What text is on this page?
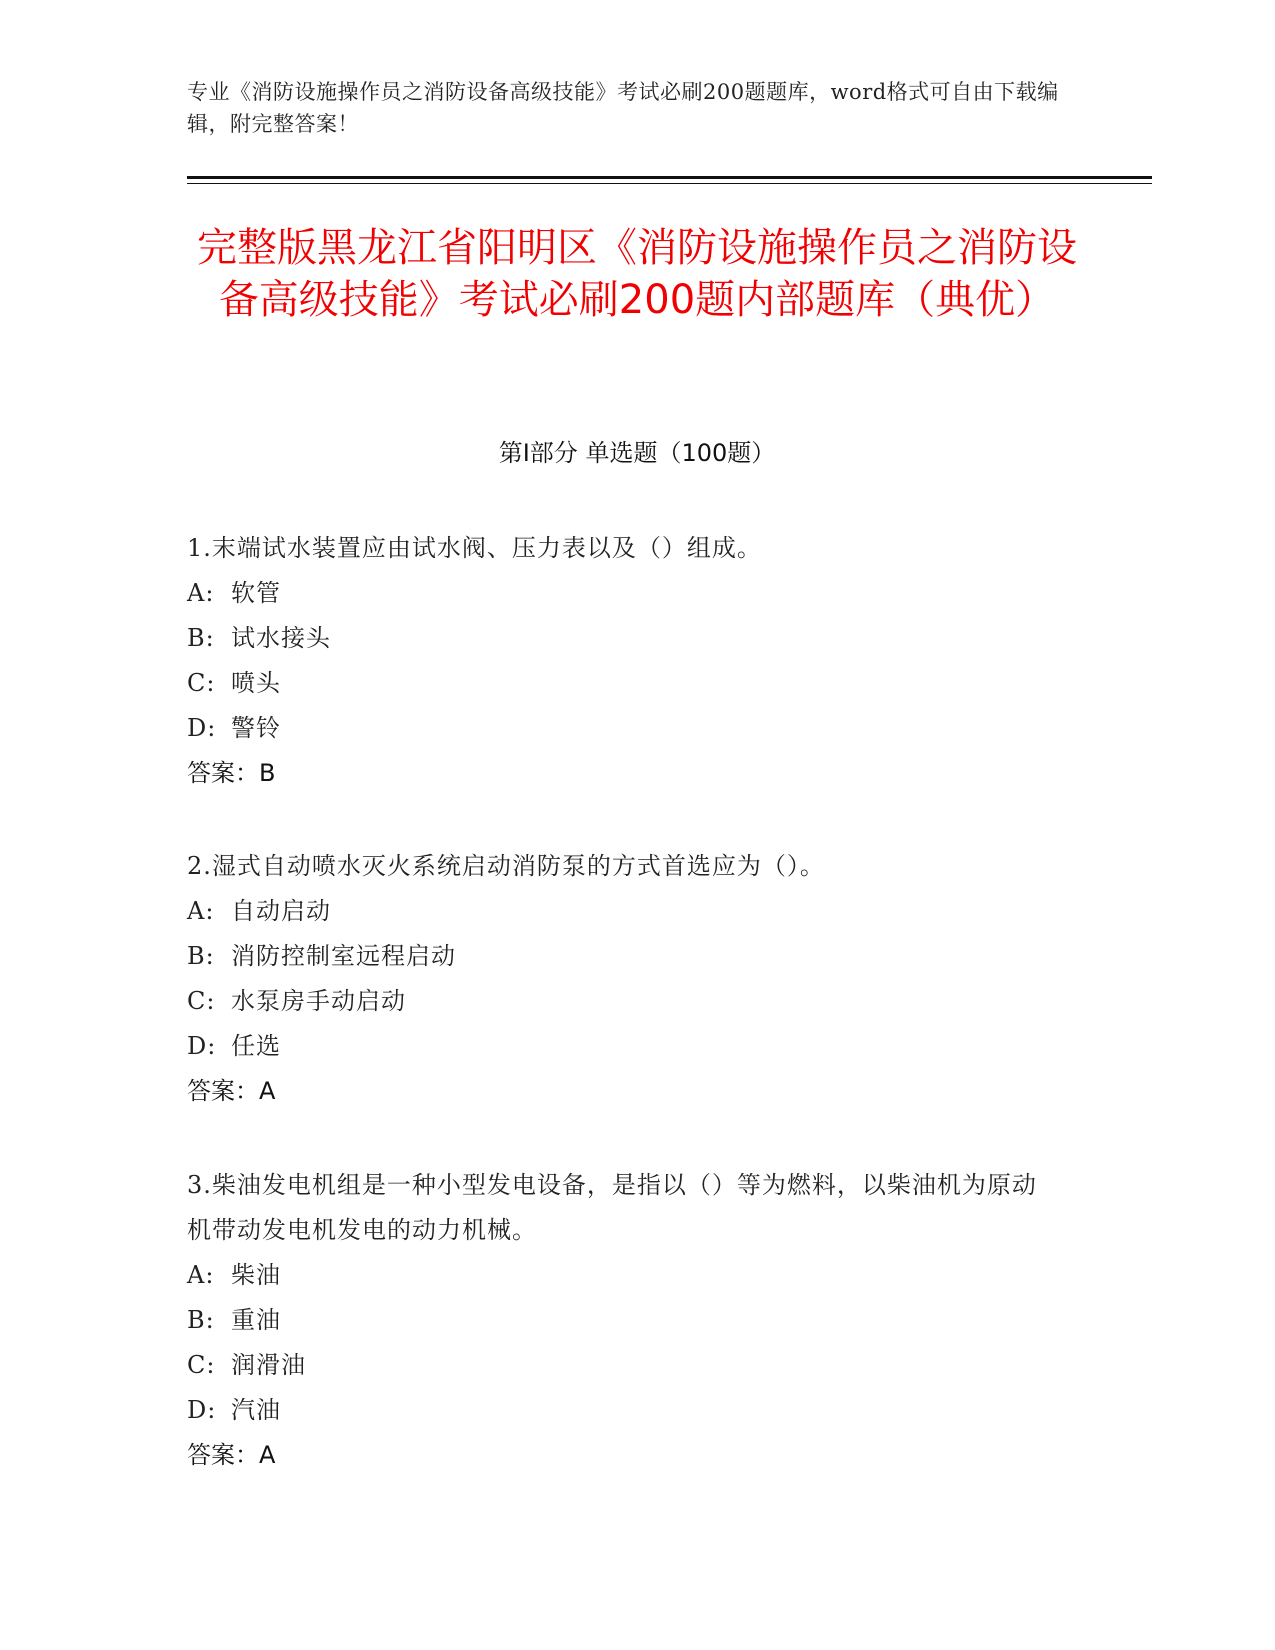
专业《消防设施操作员之消防设备高级技能》考试必刷200题题库，word格式可自由下载编辑，附完整答案！
完整版黑龙江省阳明区《消防设施操作员之消防设备高级技能》考试必刷200题内部题库（典优）
第I部分 单选题（100题）

1.末端试水装置应由试水阀、压力表以及（）组成。

A: 软管

B: 试水接头

C: 喷头

D: 警铃

答案：B

2.湿式自动喷水灭火系统启动消防泵的方式首选应为（）。

A: 自动启动

B: 消防控制室远程启动

C: 水泵房手动启动

D: 任选

答案：A

3.柴油发电机组是一种小型发电设备，是指以（）等为燃料，以柴油机为原动机带动发电机发电的动力机械。

A: 柴油

B: 重油

C: 润滑油

D: 汽油

答案：A
